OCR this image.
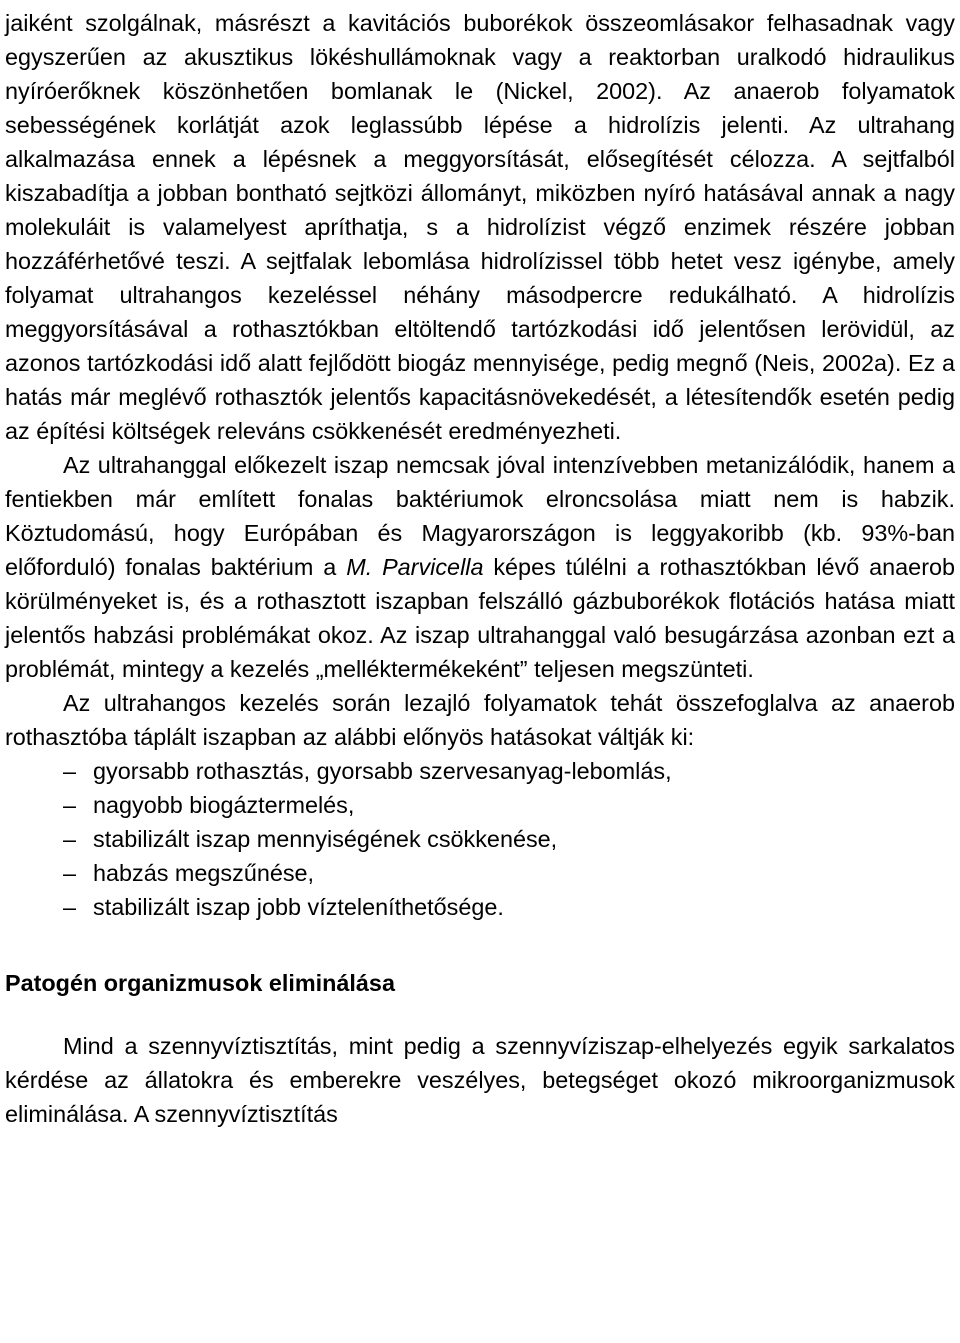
jaiként szolgálnak, másrészt a kavitációs buborékok összeomlásakor felhasadnak vagy egyszerűen az akusztikus lökéshullámoknak vagy a reaktorban uralkodó hidraulikus nyíróerőknek köszönhetően bomlanak le (Nickel, 2002). Az anaerob folyamatok sebességének korlátját azok leglassúbb lépése a hidrolízis jelenti. Az ultrahang alkalmazása ennek a lépésnek a meggyorsítását, elősegítését célozza. A sejtfalból kiszabadítja a jobban bontható sejtközi állományt, miközben nyíró hatásával annak a nagy molekuláit is valamelyest apríthatja, s a hidrolízist végző enzimek részére jobban hozzáférhetővé teszi. A sejtfalak lebomlása hidrolízissel több hetet vesz igénybe, amely folyamat ultrahangos kezeléssel néhány másodpercre redukálható. A hidrolízis meggyorsításával a rothasztókban eltöltendő tartózkodási idő jelentősen lerövidül, az azonos tartózkodási idő alatt fejlődött biogáz mennyisége, pedig megnő (Neis, 2002a). Ez a hatás már meglévő rothasztók jelentős kapacitásnövekedését, a létesítendők esetén pedig az építési költségek releváns csökkenését eredményezheti.

Az ultrahanggal előkezelt iszap nemcsak jóval intenzívebben metanizálódik, hanem a fentiekben már említett fonalas baktériumok elroncsolása miatt nem is habzik. Köztudomású, hogy Európában és Magyarországon is leggyakoribb (kb. 93%-ban előforduló) fonalas baktérium a M. Parvicella képes túlélni a rothasztókban lévő anaerob körülményeket is, és a rothasztott iszapban felszálló gázbuborékok flotációs hatása miatt jelentős habzási problémákat okoz. Az iszap ultrahanggal való besugárzása azonban ezt a problémát, mintegy a kezelés „melléktermékeként” teljesen megszünteti.

Az ultrahangos kezelés során lezajló folyamatok tehát összefoglalva az anaerob rothasztóba táplált iszapban az alábbi előnyös hatásokat váltják ki:

– gyorsabb rothasztás, gyorsabb szervesanyag-lebomlás,
– nagyobb biogáztermelés,
– stabilizált iszap mennyiségének csökkenése,
– habzás megszűnése,
– stabilizált iszap jobb vízteleníthetősége.
Patogén organizmusok eliminálása

Mind a szennyvíztisztítás, mint pedig a szennyvíziszap-elhelyezés egyik sarkalatos kérdése az állatokra és emberekre veszélyes, betegséget okozó mikroorganizmusok eliminálása. A szennyvíztisztítás
